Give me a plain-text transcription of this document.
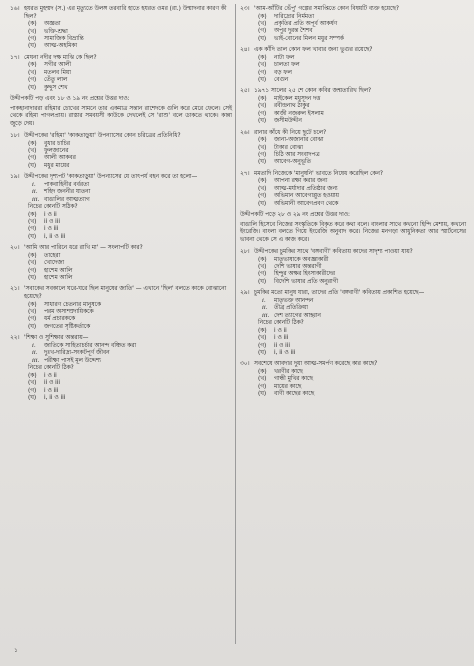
১৬। হযরত মুহম্মদ (স.) এর মৃত্যুতে উলঙ্গ তরবারি হাতে হযরত ওমর (রা.) উন্মাদনার কারণ কী ছিল?
(ক)	অজ্ঞতা
(খ)	ভক্তি-শ্রদ্ধা
(গ)	সামাজিক বিভ্রান্তি
(ঘ)	আত্ম-অহমিকা
১৭। মেঘনা নদীর দক্ষ মাঝি কে ছিল?
(ক)	সগীর আলী
(খ)	মতলব মিয়া
(গ)	তেঁতু লাল
(ঘ)	কুদ্দুস শেখ
উদ্দীপকটি পড় এবং ১৮ ও ১৯ নং প্রশ্নের উত্তর দাও:
পাকহানাদাররা রহিমার চোখের সামনে তার একমাত্র সন্তান রাশেদকে গুলি করে মেরে ফেলে। সেই থেকে রহিমা পাগলপ্রায়। রাস্তার সমবয়সী কাউকে দেখলেই সে 'রাশু' বলে ডাকতে থাকে। কান্না জুড়ে দেয়।
১৮। উদ্দীপকের 'রহিমা' 'কাকতাড়ুয়া' উপন্যাসের কোন চরিত্রের প্রতিনিধি?
(ক)	বুধার চাচির
(খ)	ফুলজানের
(গ)	আলী আকবর
(ঘ)	মধুর মায়ের
১৯। উদ্দীপকের দৃশ্যপট 'কাকতাড়ুয়া' উপন্যাসের যে তাৎপর্য বহন করে তা হলো—
i.	পাকবাহিনীর বর্বরতা
ii.	শহিদ জননীর যাতনা
iii. বাঙালির আত্মত্যাগ
নিচের কোনটি সঠিক?
(ক)	i ও ii
(খ)	ii ও iii
(গ)	i ও iii
(ঘ)	i, ii ও iii
২০। 'আমি আর পারিনে ধরে রাখি মা' — সংলাপটি কার?
(ক)	তাহেরা
(খ)	খোদেজা
(গ)	হাশেম আলি
(ঘ)	হাশেম আলি
২১। 'সবাকের সবকালে ঘরে-ঘরে ছিল মানুষের জাতি' — এখানে 'ছিল' বলতে কাকে বোঝানো হয়েছে?
(ক)	সাধারণ চেতনার মানুষকে
(খ)	পরম অসাম্প্রদায়িককে
(গ)	ধর্ম প্রচারককে
(ঘ)	জগতের সৃষ্টিকর্তাকে
২২। 'শিক্ষা ও সুশিক্ষার অন্তরায়—
i.	জাতিকে সাহিত্যচর্চার আনন্দ বঞ্চিত করা
ii.	দুঃখ-দারিদ্র্য-সংকটপূর্ণ জীবন
iii. পরীক্ষা পাসই মূল উদ্দেশ্য
নিচের কোনটি ঠিক?
(ক)	i ও ii
(খ)	ii ও iii
(গ)	i ও iii
(ঘ)	i, ii ও iii
২৩। 'আম-আঁটির ভেঁপু' গল্পের সমাপ্তিতে কোন বিষয়টি ব্যক্ত হয়েছে?
(ক)	দারিদ্র্যের নির্মমতা
(খ)	প্রকৃতির প্রতি অপূর্ব আকর্ষণ
(গ)	অপুর দুরন্ত শৈশব
(ঘ)	ভাই-বোনের মিলন মধুর সম্পর্ক
২৪। এক কাঁদি তাল কোন ফল খাবার জন্য ভুগুর রয়েছে?
(ক)	নাটা ফল
(খ)	চালতা ফল
(গ)	বড় ফল
(ঘ)	বেগুন
২৫। ১৯৭১ সালের ২৫ শে কোন কবির জন্মতারিখ ছিল?
(ক)	মাইকেল মধুসূদন দত্ত
(খ)	রবীন্দ্রনাথ ঠাকুর
(গ)	কাজী নজরুল ইসলাম
(ঘ)	জসীমউদ্দীন
২৬। রানার কাঁধে কী নিয়ে ছুটে চলে?
(ক)	জানা-অজানার বোঝা
(খ)	টাকার বোঝা
(গ)	চিঠি আর সংবাদপত্র
(ঘ)	আবেগ-অনুভূতি
২৭। মমতাদি নিজেকে 'মানুষনি' ভাবতে নিষেধ করেছিল কেন?
(ক)	আপনা রক্ষা করার জন্য
(খ)	আত্ম-মর্যাদার প্রতিষ্ঠার জন্য
(গ)	অভিমান আবেগাপ্লুত হওয়ায়
(ঘ)	অভিমানী আবেগপ্রবণ থেকে
উদ্দীপকটি পড়ে ২৮ ও ২৯ নং প্রশ্নের উত্তর দাও:
বাঙালি হিসেবে নিজের সংস্কৃতিকে বিকৃত করে কথা বলে। বাংলার সাথে কখনো হিন্দি মেশায়, কখনো ইংরেজি। বাংলা বলতে গিয়ে ইংরেজি অনুবাদ করে। নিজের মনগড়া আধুনিকতা আর স্মার্টনেসের ভাবনা থেকে সে এ কাজ করে।
২৮। উদ্দীপকের চুমকির সাথে 'বঙ্গবাণী' কবিতায় কাদের সাদৃশ্য পাওয়া যায়?
(ক)	মাতৃভাষাকে অবজ্ঞাকারী
(খ)	দেশি ভাষার অন্তরাগী
(গ)	হিন্দুর অক্ষর হিংসাকারীদের
(ঘ)	বিদেশি ভাষার প্রতি অনুরাগী
২৯। চুমকির মতো মানুষ যারা, তাদের প্রতি 'বঙ্গবাণী' কবিতায় প্রকাশিত হয়েছে—
i.	মাতৃভক্ত আনন্দন
ii.	তীব্র প্রতিক্রিয়া
iii. দেশ ত্যাগের আহ্বান
নিচের কোনটি ঠিক?
(ক)	i ও ii
(খ)	i ও iii
(গ)	ii ও iii
(ঘ)	i, ii ও iii
৩০। সবশেষে আবদার দুয়া আত্ম-সমর্পণ করেছে কার কাছে?
(ক)	খরণীর কাছে
(খ)	গান্ধী মুখির কাছে
(গ)	মায়ের কাছে
(ঘ)	বাণী কাছের কাছে
১
